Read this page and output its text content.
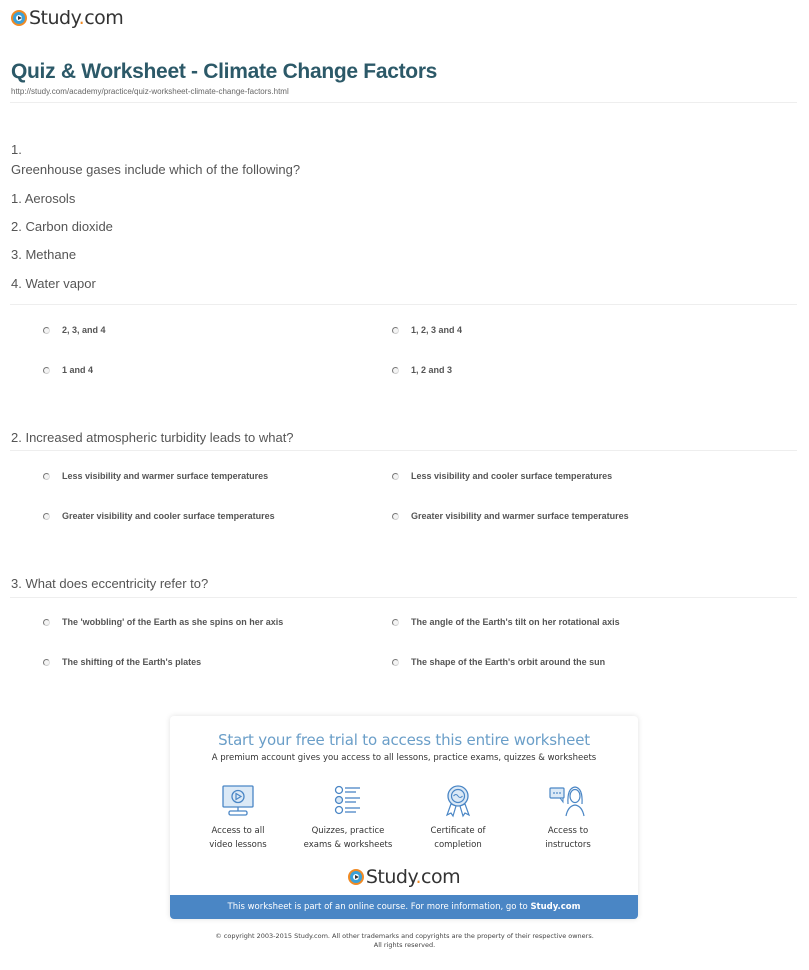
Study.com
Quiz & Worksheet - Climate Change Factors
http://study.com/academy/practice/quiz-worksheet-climate-change-factors.html
1.
Greenhouse gases include which of the following?
1. Aerosols
2. Carbon dioxide
3. Methane
4. Water vapor
2, 3, and 4	1, 2, 3 and 4
1 and 4	1, 2 and 3
2. Increased atmospheric turbidity leads to what?
Less visibility and warmer surface temperatures	Less visibility and cooler surface temperatures
Greater visibility and cooler surface temperatures	Greater visibility and warmer surface temperatures
3. What does eccentricity refer to?
The 'wobbling' of the Earth as she spins on her axis	The angle of the Earth's tilt on her rotational axis
The shifting of the Earth's plates	The shape of the Earth's orbit around the sun
Start your free trial to access this entire worksheet
A premium account gives you access to all lessons, practice exams, quizzes & worksheets
Access to all
video lessons
Quizzes, practice
exams & worksheets
Certificate of
completion
Access to
instructors
Study.com
This worksheet is part of an online course. For more information, go to Study.com
© copyright 2003-2015 Study.com. All other trademarks and copyrights are the property of their respective owners.
All rights reserved.
